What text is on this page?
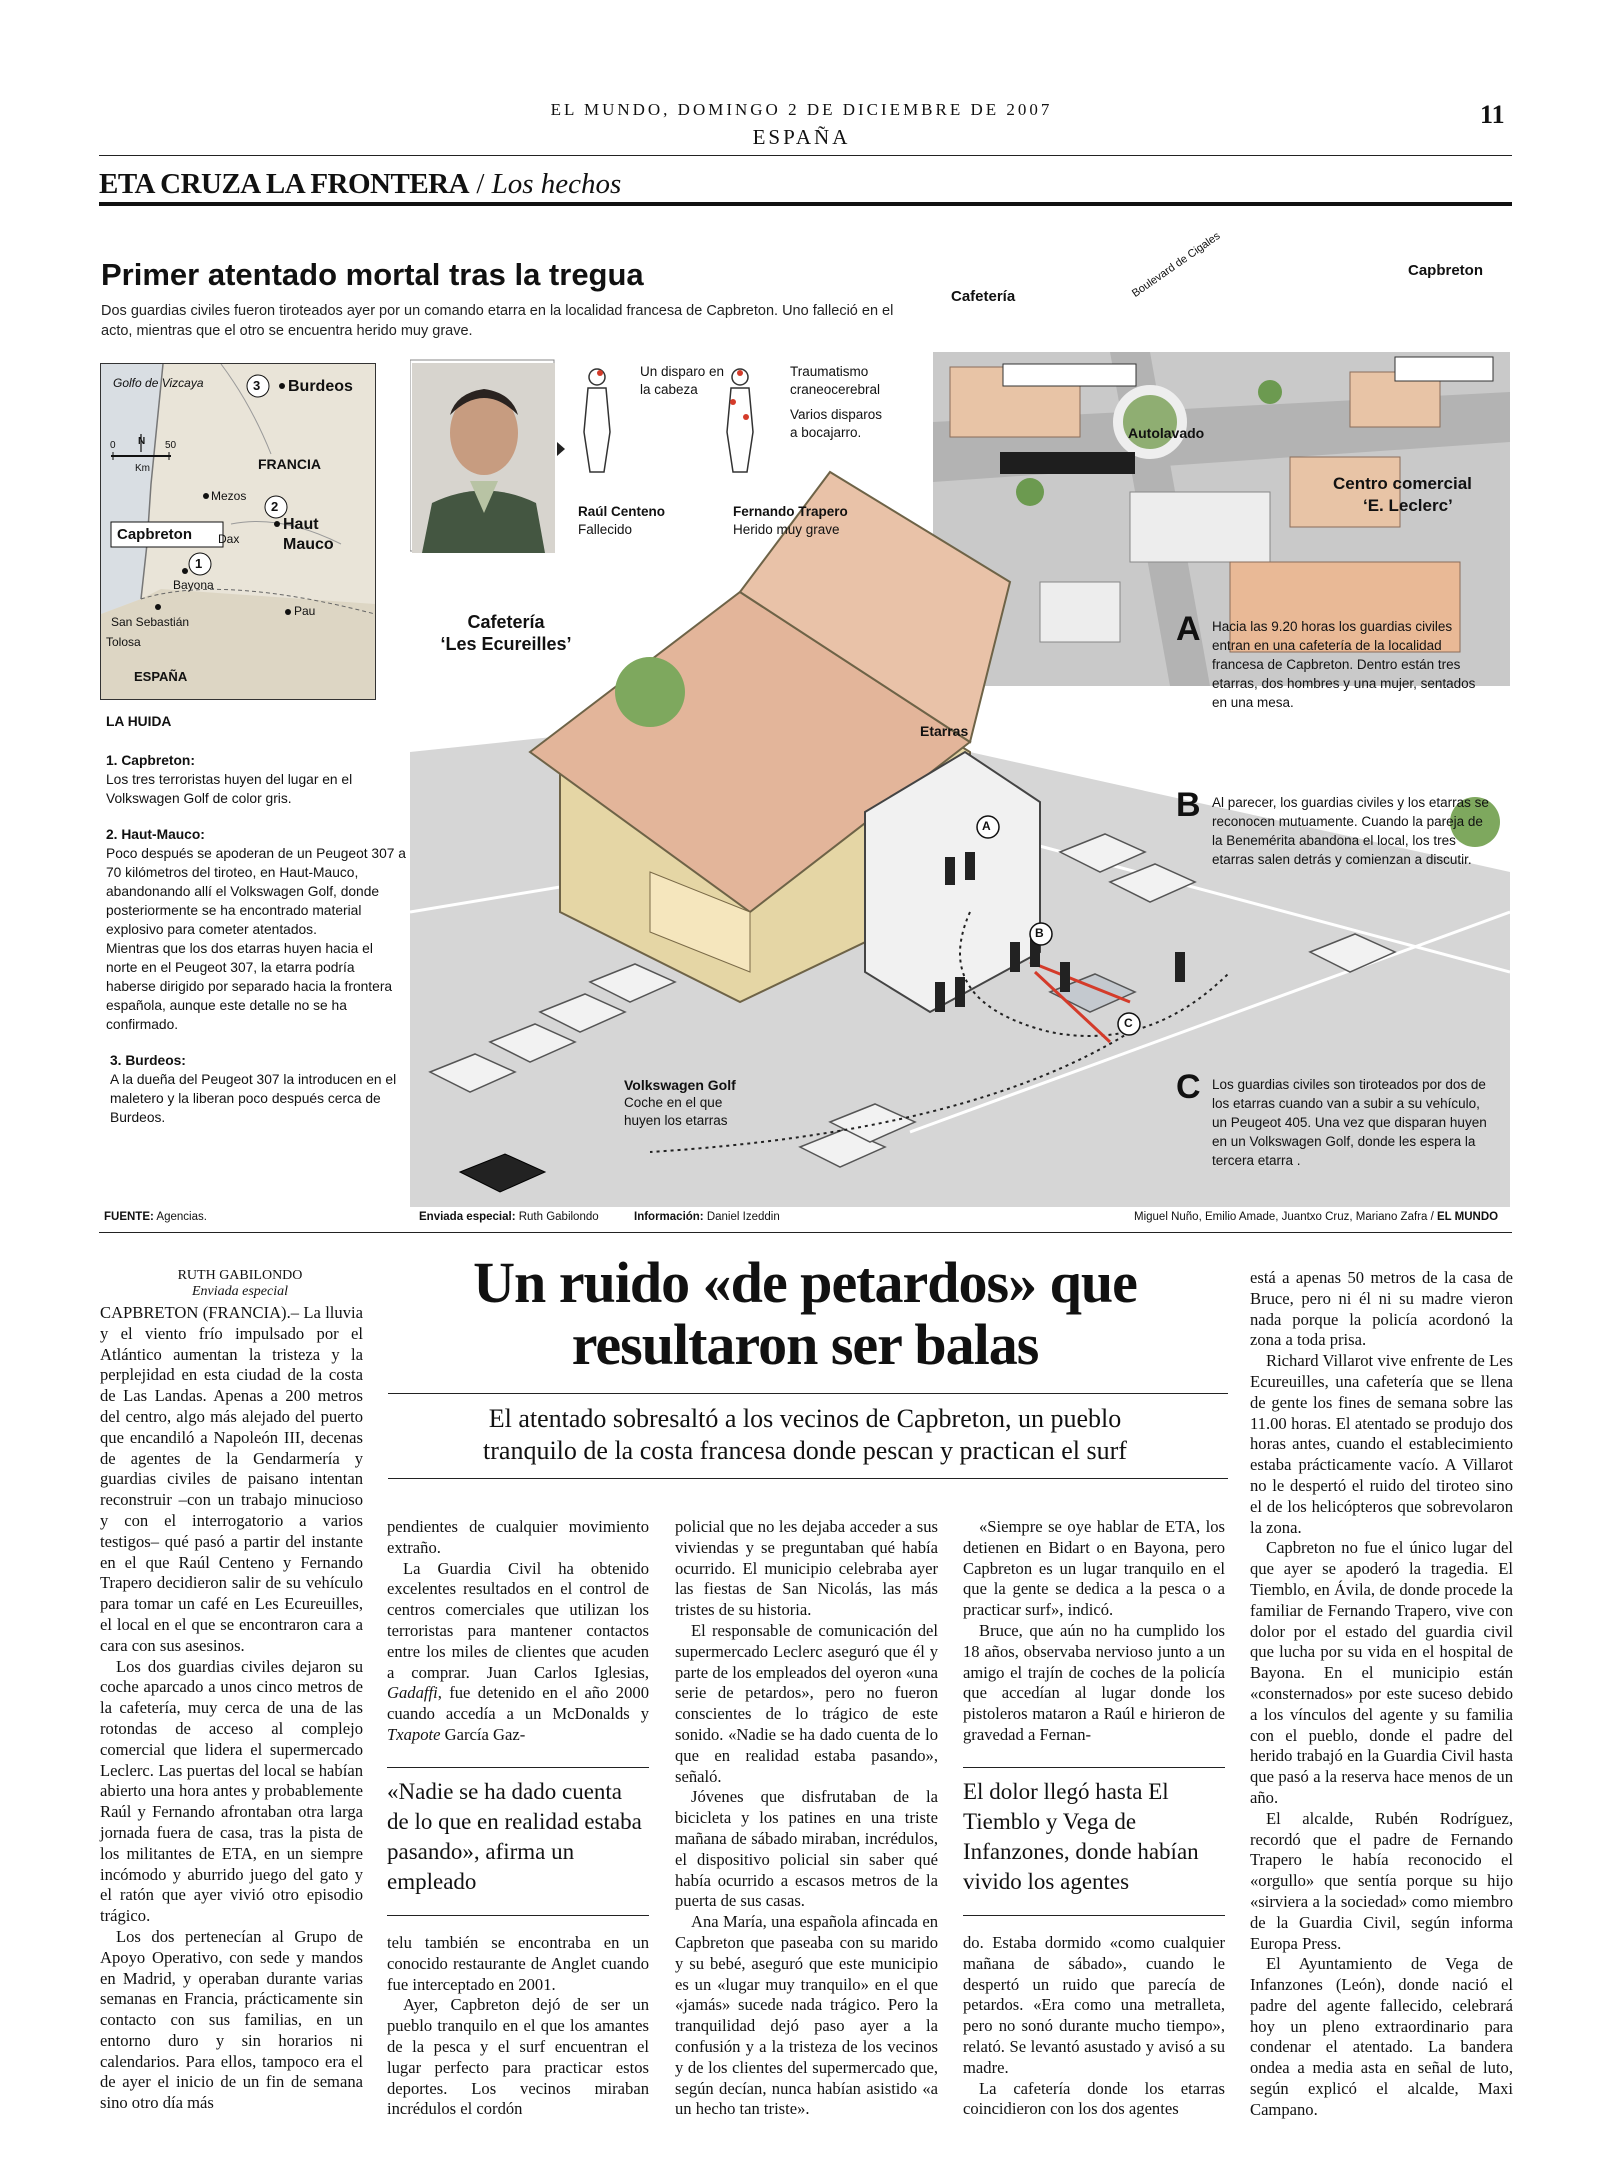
EL MUNDO, DOMINGO 2 DE DICIEMBRE DE 2007
ESPAÑA
11
ETA CRUZA LA FRONTERA / Los hechos
Primer atentado mortal tras la tregua
Dos guardias civiles fueron tiroteados ayer por un comando etarra en la localidad francesa de Capbreton. Uno falleció en el acto, mientras que el otro se encuentra herido muy grave.
Golfo de Vizcaya
N
0	50
Km
3 Burdeos
FRANCIA
Mezos
2
Haut
Mauco
Capbreton Dax
1
Bayona
Pau
San Sebastián
Tolosa
ESPAÑA
LA HUIDA

1. Capbreton:
Los tres terroristas huyen del lugar en el Volkswagen Golf de color gris.

2. Haut-Mauco:
Poco después se apoderan de un Peugeot 307 a 70 kilómetros del tiroteo, en Haut-Mauco, abandonando allí el Volkswagen Golf, donde posteriormente se ha encontrado material explosivo para cometer atentados.

Mientras que los dos etarras huyen hacia el norte en el Peugeot 307, la etarra podría haberse dirigido por separado hacia la frontera española, aunque este detalle no se ha confirmado.

3. Burdeos:
A la dueña del Peugeot 307 la introducen en el maletero y la liberan poco después cerca de Burdeos.

Un disparo en la cabeza
Traumatismo craneocerebral
Varios disparos a bocajarro.
Raúl Centeno
Fallecido
Fernando Trapero
Herido muy grave
Cafetería
Lugar del tiroteo
Boulevard de Cigales	Capbreton
Autolavado
Centro comercial
‘E. Leclerc’
Cafetería
‘Les Ecureilles’
Etarras
Volkswagen Golf
Coche en el que
huyen los etarras
A
B
C
A Hacia las 9.20 horas los guardias civiles entran en una cafetería de la localidad francesa de Capbreton. Dentro están tres etarras, dos hombres y una mujer, sentados en una mesa.
B Al parecer, los guardias civiles y los etarras se reconocen mutuamente. Cuando la pareja de la Benemérita abandona el local, los tres etarras salen detrás y comienzan a discutir.
C Los guardias civiles son tiroteados por dos de los etarras cuando van a subir a su vehículo, un Peugeot 405. Una vez que disparan huyen en un Volkswagen Golf, donde les espera la tercera etarra .
FUENTE: Agencias.	Enviada especial: Ruth Gabilondo	Información: Daniel Izeddin	Miguel Nuño, Emilio Amade, Juantxo Cruz, Mariano Zafra / EL MUNDO
RUTH GABILONDO
Enviada especial	Un ruido «de petardos» que
resultaron ser balas
El atentado sobresaltó a los vecinos de Capbreton, un pueblo
tranquilo de la costa francesa donde pescan y practican el surf

CAPBRETON (FRANCIA).– La lluvia y el viento frío impulsado por el Atlántico aumentan la tristeza y la perplejidad en esta ciudad de la costa de Las Landas. Apenas a 200 metros del centro, algo más alejado del puerto que encandiló a Napoleón III, decenas de agentes de la Gendarmería y guardias civiles de paisano intentan reconstruir –con un trabajo minucioso y con el interrogatorio a varios testigos– qué pasó a partir del instante en el que Raúl Centeno y Fernando Trapero decidieron salir de su vehículo para tomar un café en Les Ecureuilles, el local en el que se encontraron cara a cara con sus asesinos.

Los dos guardias civiles dejaron su coche aparcado a unos cinco metros de la cafetería, muy cerca de una de las rotondas de acceso al complejo comercial que lidera el supermercado Leclerc. Las puertas del local se habían abierto una hora antes y probablemente Raúl y Fernando afrontaban otra larga jornada fuera de casa, tras la pista de los militantes de ETA, en un siempre incómodo y aburrido juego del gato y el ratón que ayer vivió otro episodio trágico.

Los dos pertenecían al Grupo de Apoyo Operativo, con sede y mandos en Madrid, y operaban durante varias semanas en Francia, prácticamente sin contacto con sus familias, en un entorno duro y sin horarios ni calendarios. Para ellos, tampoco era el de ayer el inicio de un fin de semana sino otro día más

pendientes de cualquier movimiento extraño.

La Guardia Civil ha obtenido excelentes resultados en el control de centros comerciales que utilizan los terroristas para mantener contactos entre los miles de clientes que acuden a comprar. Juan Carlos Iglesias, Gadaffi, fue detenido en el año 2000 cuando accedía a un McDonalds y Txapote García Gaz-

«Nadie se ha dado cuenta de lo que en realidad estaba pasando», afirma un empleado

telu también se encontraba en un conocido restaurante de Anglet cuando fue interceptado en 2001.

Ayer, Capbreton dejó de ser un pueblo tranquilo en el que los amantes de la pesca y el surf encuentran el lugar perfecto para practicar estos deportes. Los vecinos miraban incrédulos el cordón

policial que no les dejaba acceder a sus viviendas y se preguntaban qué había ocurrido. El municipio celebraba ayer las fiestas de San Nicolás, las más tristes de su historia.

El responsable de comunicación del supermercado Leclerc aseguró que él y parte de los empleados del oyeron «una serie de petardos», pero no fueron conscientes de lo trágico de este sonido. «Nadie se ha dado cuenta de lo que en realidad estaba pasando», señaló.

Jóvenes que disfrutaban de la bicicleta y los patines en una triste mañana de sábado miraban, incrédulos, el dispositivo policial sin saber qué había ocurrido a escasos metros de la puerta de sus casas.

Ana María, una española afincada en Capbreton que paseaba con su marido y su bebé, aseguró que este municipio es un «lugar muy tranquilo» en el que «jamás» sucede nada trágico. Pero la tranquilidad dejó paso ayer a la confusión y a la tristeza de los vecinos y de los clientes del supermercado que, según decían, nunca habían asistido «a un hecho tan triste».

«Siempre se oye hablar de ETA, los detienen en Bidart o en Bayona, pero Capbreton es un lugar tranquilo en el que la gente se dedica a la pesca o a practicar surf», indicó.

Bruce, que aún no ha cumplido los 18 años, observaba nervioso junto a un amigo el trajín de coches de la policía que accedían al lugar donde los pistoleros mataron a Raúl e hirieron de gravedad a Fernan-

El dolor llegó hasta El Tiemblo y Vega de Infanzones, donde habían vivido los agentes

do. Estaba dormido «como cualquier mañana de sábado», cuando le despertó un ruido que parecía de petardos. «Era como una metralleta, pero no sonó durante mucho tiempo», relató. Se levantó asustado y avisó a su madre.

La cafetería donde los etarras coincidieron con los dos agentes

está a apenas 50 metros de la casa de Bruce, pero ni él ni su madre vieron nada porque la policía acordonó la zona a toda prisa.

Richard Villarot vive enfrente de Les Ecureuilles, una cafetería que se llena de gente los fines de semana sobre las 11.00 horas. El atentado se produjo dos horas antes, cuando el establecimiento estaba prácticamente vacío. A Villarot no le despertó el ruido del tiroteo sino el de los helicópteros que sobrevolaron la zona.

Capbreton no fue el único lugar del que ayer se apoderó la tragedia. El Tiemblo, en Ávila, de donde procede la familiar de Fernando Trapero, vive con dolor por el estado del guardia civil que lucha por su vida en el hospital de Bayona. En el municipio están «consternados» por este suceso debido a los vínculos del agente y su familia con el pueblo, donde el padre del herido trabajó en la Guardia Civil hasta que pasó a la reserva hace menos de un año.

El alcalde, Rubén Rodríguez, recordó que el padre de Fernando Trapero le había reconocido el «orgullo» que sentía porque su hijo «sirviera a la sociedad» como miembro de la Guardia Civil, según informa Europa Press.

El Ayuntamiento de Vega de Infanzones (León), donde nació el padre del agente fallecido, celebrará hoy un pleno extraordinario para condenar el atentado. La bandera ondea a media asta en señal de luto, según explicó el alcalde, Maxi Campano.
